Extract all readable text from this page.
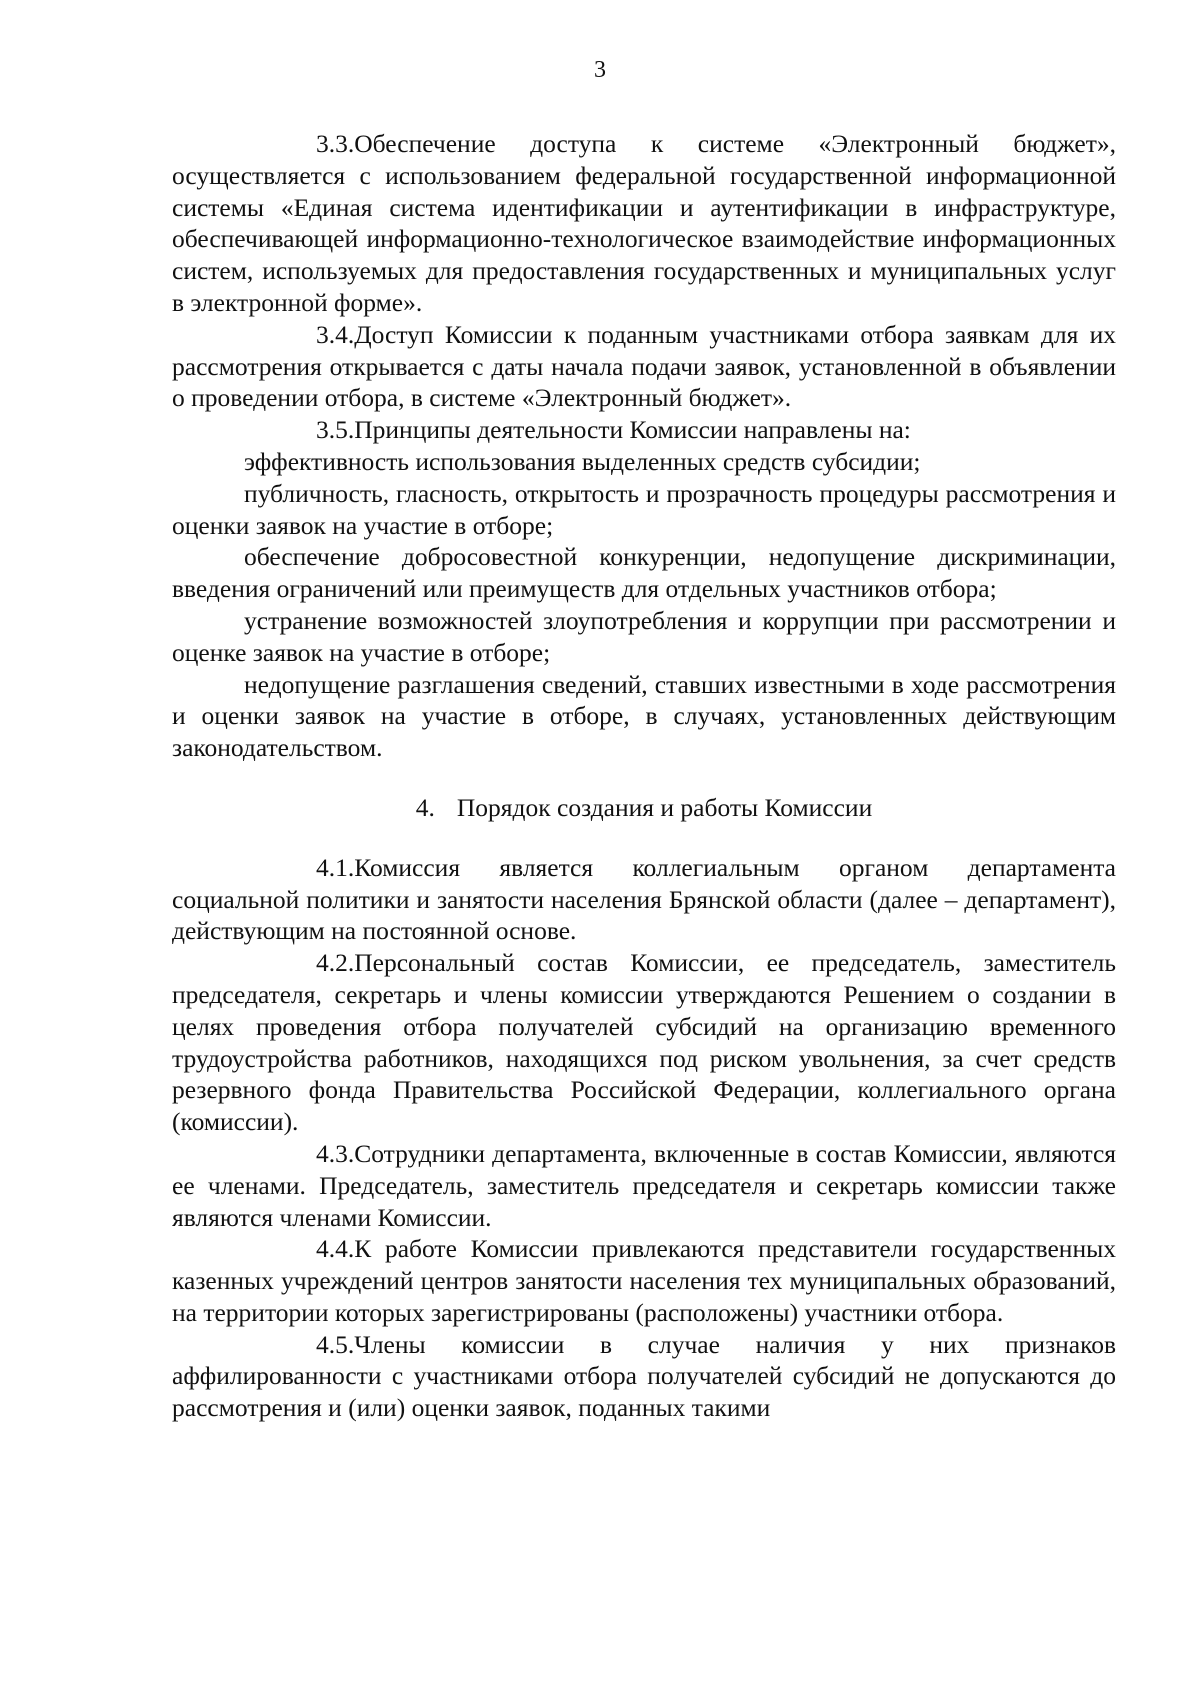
3

3.3.Обеспечение доступа к системе «Электронный бюджет», осуществляется с использованием федеральной государственной информационной системы «Единая система идентификации и аутентификации в инфраструктуре, обеспечивающей информационно-технологическое взаимодействие информационных систем, используемых для предоставления государственных и муниципальных услуг в электронной форме».

3.4.Доступ Комиссии к поданным участниками отбора заявкам для их рассмотрения открывается с даты начала подачи заявок, установленной в объявлении о проведении отбора, в системе «Электронный бюджет».

3.5.Принципы деятельности Комиссии направлены на:

эффективность использования выделенных средств субсидии;

публичность, гласность, открытость и прозрачность процедуры рассмотрения и оценки заявок на участие в отборе;

обеспечение добросовестной конкуренции, недопущение дискриминации, введения ограничений или преимуществ для отдельных участников отбора;

устранение возможностей злоупотребления и коррупции при рассмотрении и оценке заявок на участие в отборе;

недопущение разглашения сведений, ставших известными в ходе рассмотрения и оценки заявок на участие в отборе, в случаях, установленных действующим законодательством.

4. Порядок создания и работы Комиссии

4.1.Комиссия является коллегиальным органом департамента социальной политики и занятости населения Брянской области (далее – департамент), действующим на постоянной основе.

4.2.Персональный состав Комиссии, ее председатель, заместитель председателя, секретарь и члены комиссии утверждаются Решением о создании в целях проведения отбора получателей субсидий на организацию временного трудоустройства работников, находящихся под риском увольнения, за счет средств резервного фонда Правительства Российской Федерации, коллегиального органа (комиссии).

4.3.Сотрудники департамента, включенные в состав Комиссии, являются ее членами. Председатель, заместитель председателя и секретарь комиссии также являются членами Комиссии.

4.4.К работе Комиссии привлекаются представители государственных казенных учреждений центров занятости населения тех муниципальных образований, на территории которых зарегистрированы (расположены) участники отбора.

4.5.Члены комиссии в случае наличия у них признаков аффилированности с участниками отбора получателей субсидий не допускаются до рассмотрения и (или) оценки заявок, поданных такими
